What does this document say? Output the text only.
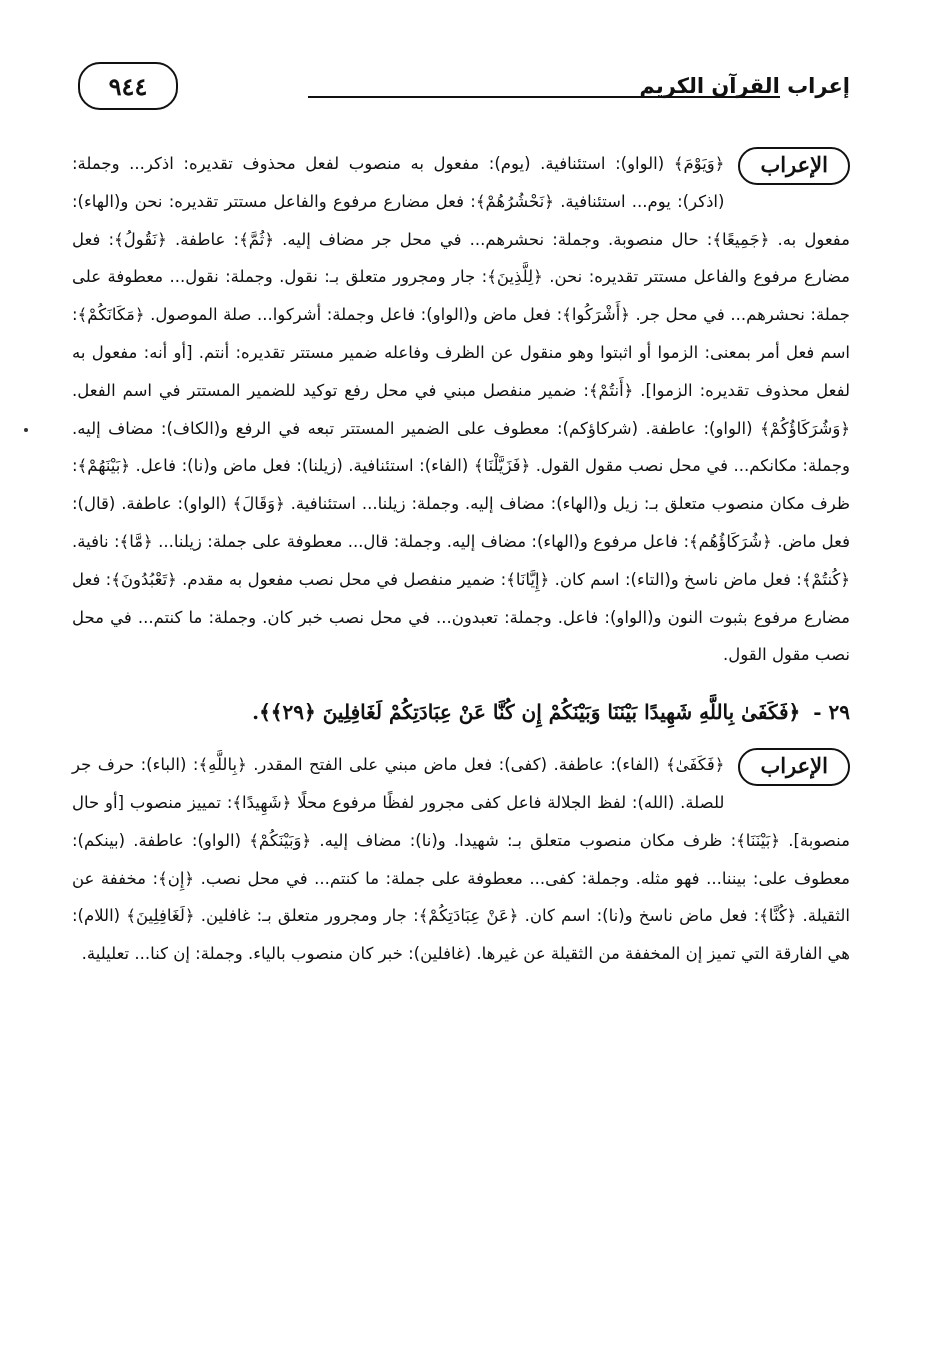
٩٤٤	إعراب القرآن الكريم

الإعراب
﴿وَيَوْمَ﴾ (الواو): استئنافية. (يوم): مفعول به منصوب لفعل محذوف تقديره: اذكر... وجملة: (اذكر): يوم... استئنافية. ﴿نَحْشُرُهُمْ﴾: فعل مضارع مرفوع والفاعل مستتر تقديره: نحن و(الهاء): مفعول به. ﴿جَمِيعًا﴾: حال منصوبة. وجملة: نحشرهم... في محل جر مضاف إليه. ﴿ثُمَّ﴾: عاطفة. ﴿نَقُولُ﴾: فعل مضارع مرفوع والفاعل مستتر تقديره: نحن. ﴿لِلَّذِينَ﴾: جار ومجرور متعلق بـ: نقول. وجملة: نقول... معطوفة على جملة: نحشرهم... في محل جر. ﴿أَشْرَكُوا﴾: فعل ماض و(الواو): فاعل وجملة: أشركوا... صلة الموصول. ﴿مَكَانَكُمْ﴾: اسم فعل أمر بمعنى: الزموا أو اثبتوا وهو منقول عن الظرف وفاعله ضمير مستتر تقديره: أنتم. [أو أنه: مفعول به لفعل محذوف تقديره: الزموا]. ﴿أَنتُمْ﴾: ضمير منفصل مبني في محل رفع توكيد للضمير المستتر في اسم الفعل. ﴿وَشُرَكَاؤُكُمْ﴾ (الواو): عاطفة. (شركاؤكم): معطوف على الضمير المستتر تبعه في الرفع و(الكاف): مضاف إليه. وجملة: مكانكم... في محل نصب مقول القول. ﴿فَزَيَّلْنَا﴾ (الفاء): استئنافية. (زيلنا): فعل ماض و(نا): فاعل. ﴿بَيْنَهُمْ﴾: ظرف مكان منصوب متعلق بـ: زيل و(الهاء): مضاف إليه. وجملة: زيلنا... استئنافية. ﴿وَقَالَ﴾ (الواو): عاطفة. (قال): فعل ماض. ﴿شُرَكَاؤُهُم﴾: فاعل مرفوع و(الهاء): مضاف إليه. وجملة: قال... معطوفة على جملة: زيلنا... ﴿مَّا﴾: نافية. ﴿كُنتُمْ﴾: فعل ماض ناسخ و(التاء): اسم كان. ﴿إِيَّانَا﴾: ضمير منفصل في محل نصب مفعول به مقدم. ﴿تَعْبُدُونَ﴾: فعل مضارع مرفوع بثبوت النون و(الواو): فاعل. وجملة: تعبدون... في محل نصب خبر كان. وجملة: ما كنتم... في محل نصب مقول القول.

٢٩ - ﴿فَكَفَىٰ بِاللَّهِ شَهِيدًا بَيْنَنَا وَبَيْنَكُمْ إِن كُنَّا عَنْ عِبَادَتِكُمْ لَغَافِلِينَ ﴿٢٩﴾﴾.

الإعراب
﴿فَكَفَىٰ﴾ (الفاء): عاطفة. (كفى): فعل ماض مبني على الفتح المقدر. ﴿بِاللَّهِ﴾: (الباء): حرف جر للصلة. (الله): لفظ الجلالة فاعل كفى مجرور لفظًا مرفوع محلًا ﴿شَهِيدًا﴾: تمييز منصوب [أو حال منصوبة]. ﴿بَيْنَنَا﴾: ظرف مكان منصوب متعلق بـ: شهيدا. و(نا): مضاف إليه. ﴿وَبَيْنَكُمْ﴾ (الواو): عاطفة. (بينكم): معطوف على: بيننا... فهو مثله. وجملة: كفى... معطوفة على جملة: ما كنتم... في محل نصب. ﴿إِن﴾: مخففة عن الثقيلة. ﴿كُنَّا﴾: فعل ماض ناسخ و(نا): اسم كان. ﴿عَنْ عِبَادَتِكُمْ﴾: جار ومجرور متعلق بـ: غافلين. ﴿لَغَافِلِينَ﴾ (اللام): هي الفارقة التي تميز إن المخففة من الثقيلة عن غيرها. (غافلين): خبر كان منصوب بالياء. وجملة: إن كنا... تعليلية.
